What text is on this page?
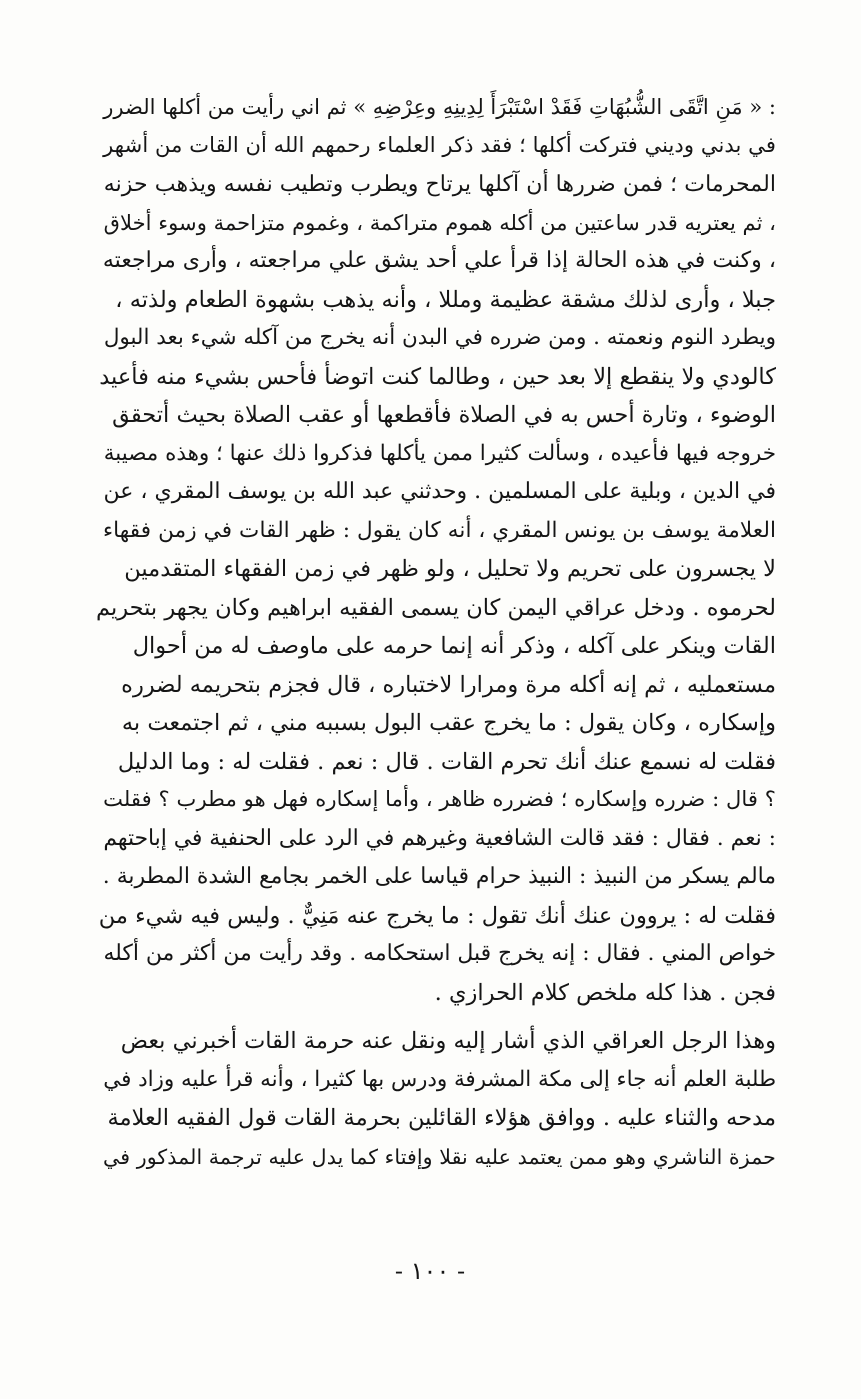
: « مَنِ اتَّقَى الشُّبُهَاتِ فَقَدْ اسْتَبْرَأَ لِدِينِهِ وعِرْضِهِ » ثم اني رأيت من أكلها الضرر
في بدني وديني فتركت أكلها ؛ فقد ذكر العلماء رحمهم الله أن القات من أشهر
المحرمات ؛ فمن ضررها أن آكلها يرتاح ويطرب وتطيب نفسه ويذهب حزنه
، ثم يعتريه قدر ساعتين من أكله هموم متراكمة ، وغموم متزاحمة وسوء أخلاق
، وكنت في هذه الحالة إذا قرأ علي أحد يشق علي مراجعته ، وأرى مراجعته
جبلا ، وأرى لذلك مشقة عظيمة ومللا ، وأنه يذهب بشهوة الطعام ولذته ،
ويطرد النوم ونعمته . ومن ضرره في البدن أنه يخرج من آكله شيء بعد البول
كالودي ولا ينقطع إلا بعد حين ، وطالما كنت اتوضأ فأحس بشيء منه فأعيد
الوضوء ، وتارة أحس به في الصلاة فأقطعها أو عقب الصلاة بحيث أتحقق
خروجه فيها فأعيده ، وسألت كثيرا ممن يأكلها فذكروا ذلك عنها ؛ وهذه مصيبة
في الدين ، وبلية على المسلمين . وحدثني عبد الله بن يوسف المقري ، عن
العلامة يوسف بن يونس المقري ، أنه كان يقول : ظهر القات في زمن فقهاء
لا يجسرون على تحريم ولا تحليل ، ولو ظهر في زمن الفقهاء المتقدمين
لحرموه . ودخل عراقي اليمن كان يسمى الفقيه ابراهيم وكان يجهر بتحريم
القات وينكر على آكله ، وذكر أنه إنما حرمه على ماوصف له من أحوال
مستعمليه ، ثم إنه أكله مرة ومرارا لاختباره ، قال فجزم بتحريمه لضرره
وإسكاره ، وكان يقول : ما يخرج عقب البول بسببه مني ، ثم اجتمعت به
فقلت له نسمع عنك أنك تحرم القات . قال : نعم . فقلت له : وما الدليل
؟ قال : ضرره وإسكاره ؛ فضرره ظاهر ، وأما إسكاره فهل هو مطرب ؟ فقلت
: نعم . فقال : فقد قالت الشافعية وغيرهم في الرد على الحنفية في إباحتهم
مالم يسكر من النبيذ : النبيذ حرام قياسا على الخمر بجامع الشدة المطربة .
فقلت له : يروون عنك أنك تقول : ما يخرج عنه مَنِيٌّ . وليس فيه شيء من
خواص المني . فقال : إنه يخرج قبل استحكامه . وقد رأيت من أكثر من أكله
فجن . هذا كله ملخص كلام الحرازي .
وهذا الرجل العراقي الذي أشار إليه ونقل عنه حرمة القات أخبرني بعض
طلبة العلم أنه جاء إلى مكة المشرفة ودرس بها كثيرا ، وأنه قرأ عليه وزاد في
مدحه والثناء عليه . ووافق هؤلاء القائلين بحرمة القات قول الفقيه العلامة
حمزة الناشري وهو ممن يعتمد عليه نقلا وإفتاء كما يدل عليه ترجمة المذكور في
- ١٠٠ -
